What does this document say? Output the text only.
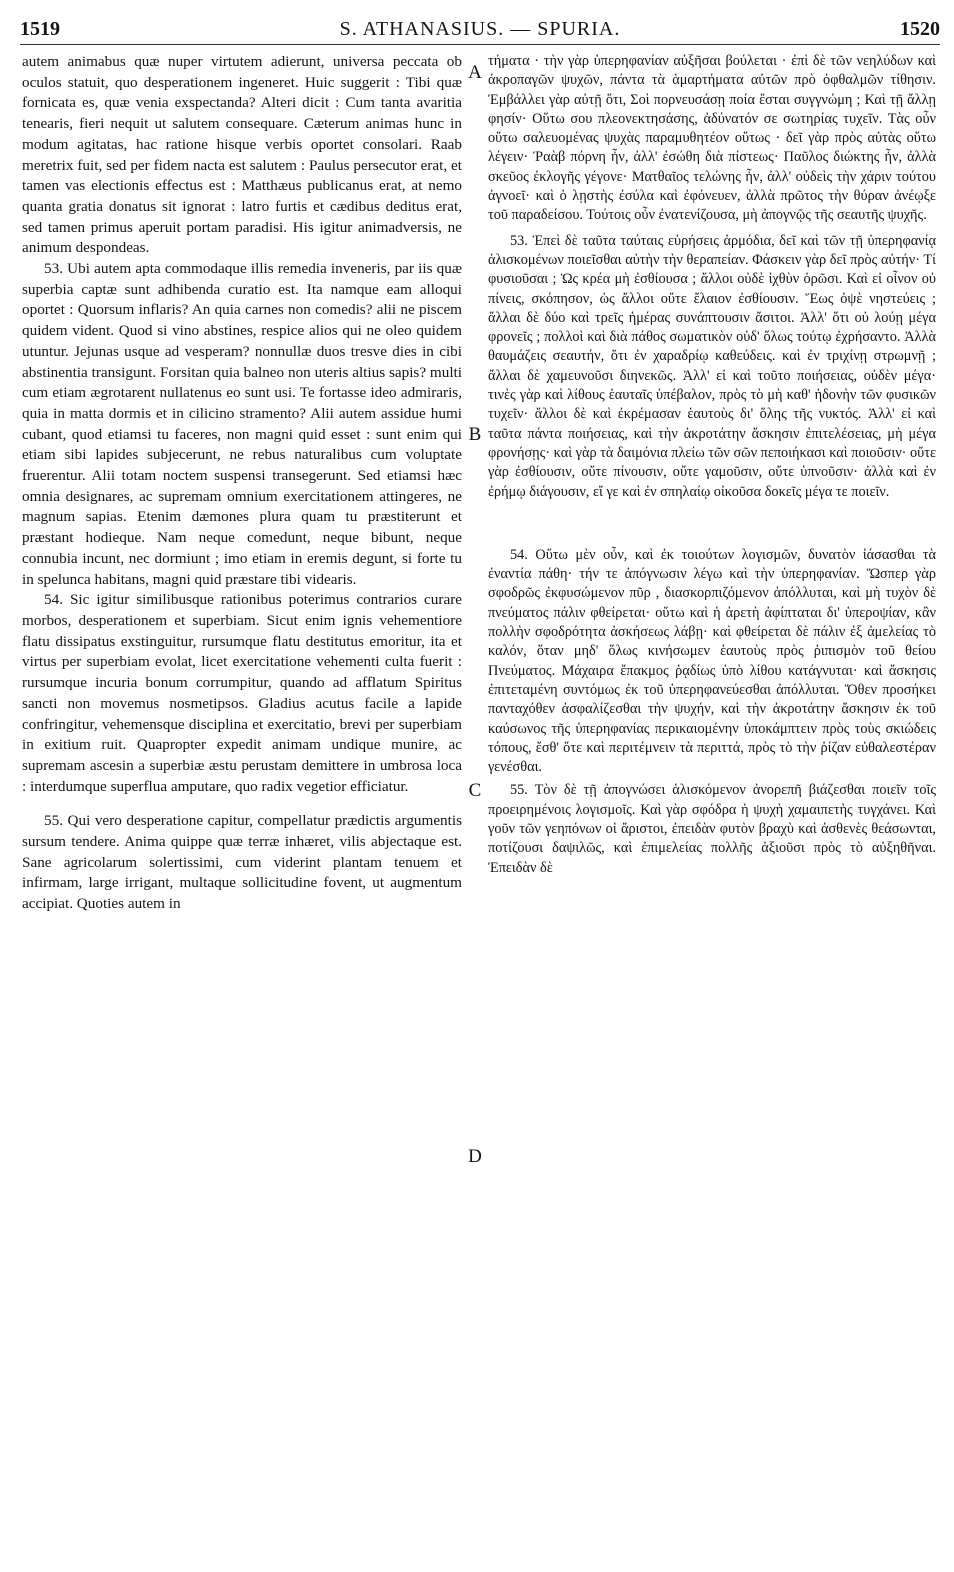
1519	S. ATHANASIUS. — SPURIA.	1520

autem animabus quæ nuper virtutem adierunt, universa peccata ob oculos statuit, quo desperationem ingeneret. Huic suggerit : Tibi quæ fornicata es, quæ venia exspectanda? Alteri dicit : Cum tanta avaritia tenearis, fieri nequit ut salutem consequare. Cæterum animas hunc in modum agitatas, hac ratione hisque verbis oportet consolari. Raab meretrix fuit, sed per fidem nacta est salutem : Paulus persecutor erat, et tamen vas electionis effectus est : Matthæus publicanus erat, at nemo quanta gratia donatus sit ignorat : latro furtis et cædibus deditus erat, sed tamen primus aperuit portam paradisi. His igitur animadversis, ne animum despondeas.

53. Ubi autem apta commodaque illis remedia inveneris, par iis quæ superbia captæ sunt adhibenda curatio est. Ita namque eam alloqui oportet : Quorsum inflaris? An quia carnes non comedis? alii ne piscem quidem vident. Quod si vino abstines, respice alios qui ne oleo quidem utuntur. Jejunas usque ad vesperam? nonnullæ duos tresve dies in cibi abstinentia transigunt. Forsitan quia balneo non uteris altius sapis? multi cum etiam ægrotarent nullatenus eo sunt usi. Te fortasse ideo admiraris, quia in matta dormis et in cilicino stramento? Alii autem assidue humi cubant, quod etiamsi tu faceres, non magni quid esset : sunt enim qui etiam sibi lapides subjecerunt, ne rebus naturalibus cum voluptate fruerentur. Alii totam noctem suspensi transegerunt. Sed etiamsi hæc omnia designares, ac supremam omnium exercitationem attingeres, ne magnum sapias. Etenim dæmones plura quam tu præstiterunt et præstant hodieque. Nam neque comedunt, neque bibunt, neque connubia incunt, nec dormiunt ; imo etiam in eremis degunt, si forte tu in spelunca habitans, magni quid præstare tibi videaris.

54. Sic igitur similibusque rationibus poterimus contrarios curare morbos, desperationem et superbiam. Sicut enim ignis vehementiore flatu dissipatus exstinguitur, rursumque flatu destitutus emoritur, ita et virtus per superbiam evolat, licet exercitatione vehementi culta fuerit : rursumque incuria bonum corrumpitur, quando ad afflatum Spiritus sancti non movemus nosmetipsos. Gladius acutus facile a lapide confringitur, vehemensque disciplina et exercitatio, brevi per superbiam in exitium ruit. Quapropter expedit animam undique munire, ac supremam ascesin a superbiæ æstu perustam demittere in umbrosa loca : interdumque superflua amputare, quo radix vegetior efficiatur.

55. Qui vero desperatione capitur, compellatur prædictis argumentis sursum tendere. Anima quippe quæ terræ inhæret, vilis abjectaque est. Sane agricolarum solertissimi, cum viderint plantam tenuem et infirmam, large irrigant, multaque sollicitudine fovent, ut augmentum accipiat. Quoties autem in

A
B
C
D

τήματα · τὴν γὰρ ὑπερηφανίαν αὐξῆσαι βούλεται · ἐπὶ δὲ τῶν νεηλύδων καὶ ἀκροπαγῶν ψυχῶν, πάντα τὰ ἁμαρτήματα αὐτῶν πρὸ ὀφθαλμῶν τίθησιν. Ἐμβάλλει γὰρ αὐτῇ ὅτι, Σοὶ πορνευσάσῃ ποία ἔσται συγγνώμη ; Καὶ τῇ ἄλλῃ φησίν· Οὕτω σου πλεονεκτησάσης, ἀδύνατόν σε σωτηρίας τυχεῖν. Τὰς οὖν οὕτω σαλευομένας ψυχὰς παραμυθητέον οὕτως · δεῖ γὰρ πρὸς αὐτὰς οὕτω λέγειν· Ῥαὰβ πόρνη ἦν, ἀλλ' ἐσώθη διὰ πίστεως· Παῦλος διώκτης ἦν, ἀλλὰ σκεῦος ἐκλογῆς γέγονε· Ματθαῖος τελώνης ἦν, ἀλλ' οὐδεὶς τὴν χάριν τούτου ἀγνοεῖ· καὶ ὁ λῃστὴς ἐσύλα καὶ ἐφόνευεν, ἀλλὰ πρῶτος τὴν θύραν ἀνέῳξε τοῦ παραδείσου. Τούτοις οὖν ἐνατενίζουσα, μὴ ἀπογνῷς τῆς σεαυτῆς ψυχῆς.

53. Ἐπεὶ δὲ ταῦτα ταύταις εὑρήσεις ἁρμόδια, δεῖ καὶ τῶν τῇ ὑπερηφανίᾳ ἁλισκομένων ποιεῖσθαι αὐτὴν τὴν θεραπείαν. Φάσκειν γὰρ δεῖ πρὸς αὐτήν· Τί φυσιοῦσαι ; Ὡς κρέα μὴ ἐσθίουσα ; ἄλλοι οὐδὲ ἰχθὺν ὁρῶσι. Καὶ εἰ οἶνον οὐ πίνεις, σκόπησον, ὡς ἄλλοι οὔτε ἔλαιον ἐσθίουσιν. Ἕως ὀψὲ νηστεύεις ; ἄλλαι δὲ δύο καὶ τρεῖς ἡμέρας συνάπτουσιν ἄσιτοι. Ἀλλ' ὅτι οὐ λούῃ μέγα φρονεῖς ; πολλοὶ καὶ διὰ πάθος σωματικὸν οὐδ' ὅλως τούτῳ ἐχρήσαντο. Ἀλλὰ θαυμάζεις σεαυτήν, ὅτι ἐν χαραδρίῳ καθεύδεις. καὶ ἐν τριχίνῃ στρωμνῇ ; ἄλλαι δὲ χαμευνοῦσι διηνεκῶς. Ἀλλ' εἰ καὶ τοῦτο ποιήσειας, οὐδὲν μέγα· τινὲς γὰρ καὶ λίθους ἑαυταῖς ὑπέβαλον, πρὸς τὸ μὴ καθ' ἡδονὴν τῶν φυσικῶν τυχεῖν· ἄλλοι δὲ καὶ ἐκρέμασαν ἑαυτοὺς δι' ὅλης τῆς νυκτός. Ἀλλ' εἰ καὶ ταῦτα πάντα ποιήσειας, καὶ τὴν ἀκροτάτην ἄσκησιν ἐπιτελέσειας, μὴ μέγα φρονήσῃς· καὶ γὰρ τὰ δαιμόνια πλείω τῶν σῶν πεποιήκασι καὶ ποιοῦσιν· οὔτε γὰρ ἐσθίουσιν, οὔτε πίνουσιν, οὔτε γαμοῦσιν, οὔτε ὑπνοῦσιν· ἀλλὰ καὶ ἐν ἐρήμῳ διάγουσιν, εἴ γε καὶ ἐν σπηλαίῳ οἰκοῦσα δοκεῖς μέγα τε ποιεῖν.

54. Οὕτω μὲν οὖν, καὶ ἐκ τοιούτων λογισμῶν, δυνατὸν ἰάσασθαι τὰ ἐναντία πάθη· τήν τε ἀπόγνωσιν λέγω καὶ τὴν ὑπερηφανίαν. Ὥσπερ γὰρ σφοδρῶς ἐκφυσώμενον πῦρ , διασκορπιζόμενον ἀπόλλυται, καὶ μὴ τυχὸν δὲ πνεύματος πάλιν φθείρεται· οὕτω καὶ ἡ ἀρετὴ ἀφίπταται δι' ὑπεροψίαν, κἂν πολλὴν σφοδρότητα ἀσκήσεως λάβῃ· καὶ φθείρεται δὲ πάλιν ἐξ ἀμελείας τὸ καλόν, ὅταν μηδ' ὅλως κινήσωμεν ἑαυτοὺς πρὸς ῥιπισμὸν τοῦ θείου Πνεύματος. Μάχαιρα ἔπακμος ῥᾳδίως ὑπὸ λίθου κατάγνυται· καὶ ἄσκησις ἐπιτεταμένη συντόμως ἐκ τοῦ ὑπερηφανεύεσθαι ἀπόλλυται. Ὅθεν προσήκει πανταχόθεν ἀσφαλίζεσθαι τὴν ψυχήν, καὶ τὴν ἀκροτάτην ἄσκησιν ἐκ τοῦ καύσωνος τῆς ὑπερηφανίας περικαιομένην ὑποκάμπτειν πρὸς τοὺς σκιώδεις τόπους, ἔσθ' ὅτε καὶ περιτέμνειν τὰ περιττά, πρὸς τὸ τὴν ῥίζαν εὐθαλεστέραν γενέσθαι.

55. Τὸν δὲ τῇ ἀπογνώσει ἁλισκόμενον ἀνορεπῆ βιάζεσθαι ποιεῖν τοῖς προειρημένοις λογισμοῖς. Καὶ γὰρ σφόδρα ἡ ψυχὴ χαμαιπετὴς τυγχάνει. Καὶ γοῦν τῶν γεηπόνων οἱ ἄριστοι, ἐπειδὰν φυτὸν βραχὺ καὶ ἀσθενὲς θεάσωνται, ποτίζουσι δαψιλῶς, καὶ ἐπιμελείας πολλῆς ἀξιοῦσι πρὸς τὸ αὐξηθῆναι. Ἐπειδὰν δὲ
